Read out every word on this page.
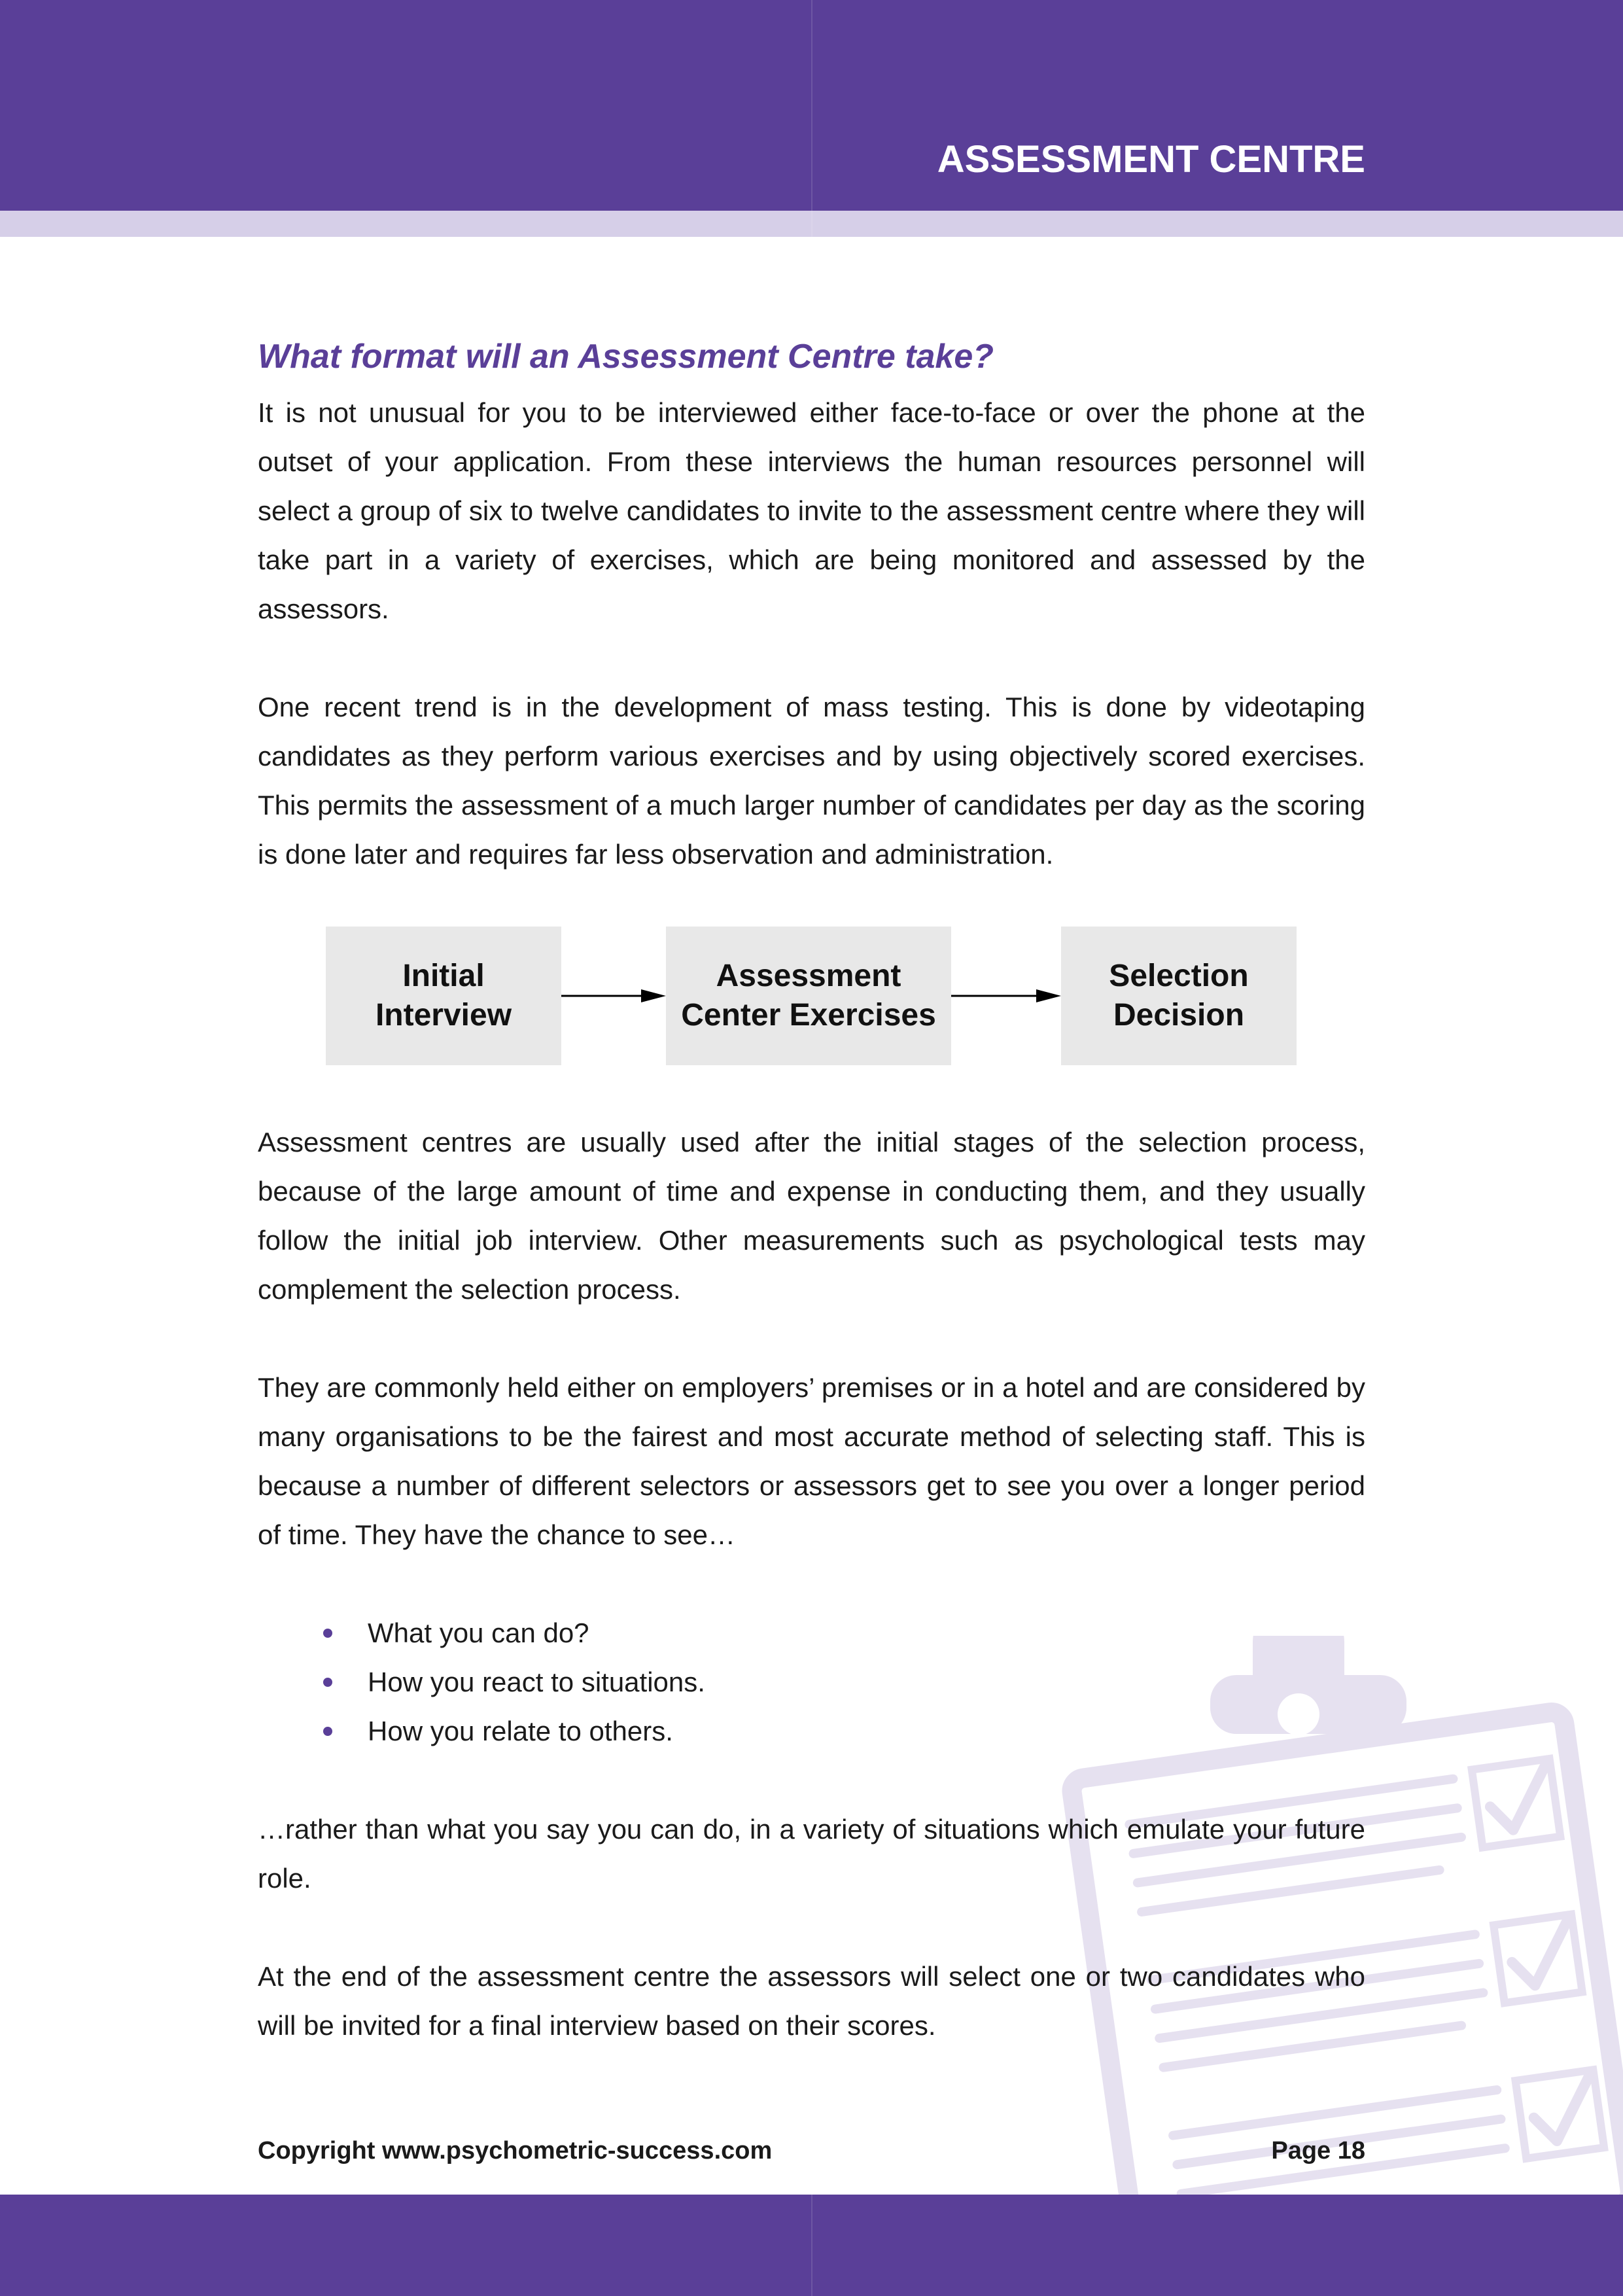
ASSESSMENT CENTRE
What format will an Assessment Centre take?

It is not unusual for you to be interviewed either face-to-face or over the phone at the outset of your application. From these interviews the human resources personnel will select a group of six to twelve candidates to invite to the assessment centre where they will take part in a variety of exercises, which are being monitored and assessed by the assessors.

One recent trend is in the development of mass testing. This is done by videotaping candidates as they perform various exercises and by using objectively scored exercises. This permits the assessment of a much larger number of candidates per day as the scoring is done later and requires far less observation and administration.

Initial
Interview
Assessment
Center Exercises
Selection
Decision

Assessment centres are usually used after the initial stages of the selection process, because of the large amount of time and expense in conducting them, and they usually follow the initial job interview. Other measurements such as psychological tests may complement the selection process.

They are commonly held either on employers’ premises or in a hotel and are considered by many organisations to be the fairest and most accurate method of selecting staff. This is because a number of different selectors or assessors get to see you over a longer period of time. They have the chance to see…

What you can do?
How you react to situations.
How you relate to others.

…rather than what you say you can do, in a variety of situations which emulate your future role.

At the end of the assessment centre the assessors will select one or two candidates who will be invited for a final interview based on their scores.

Copyright www.psychometric-success.com	Page 18
